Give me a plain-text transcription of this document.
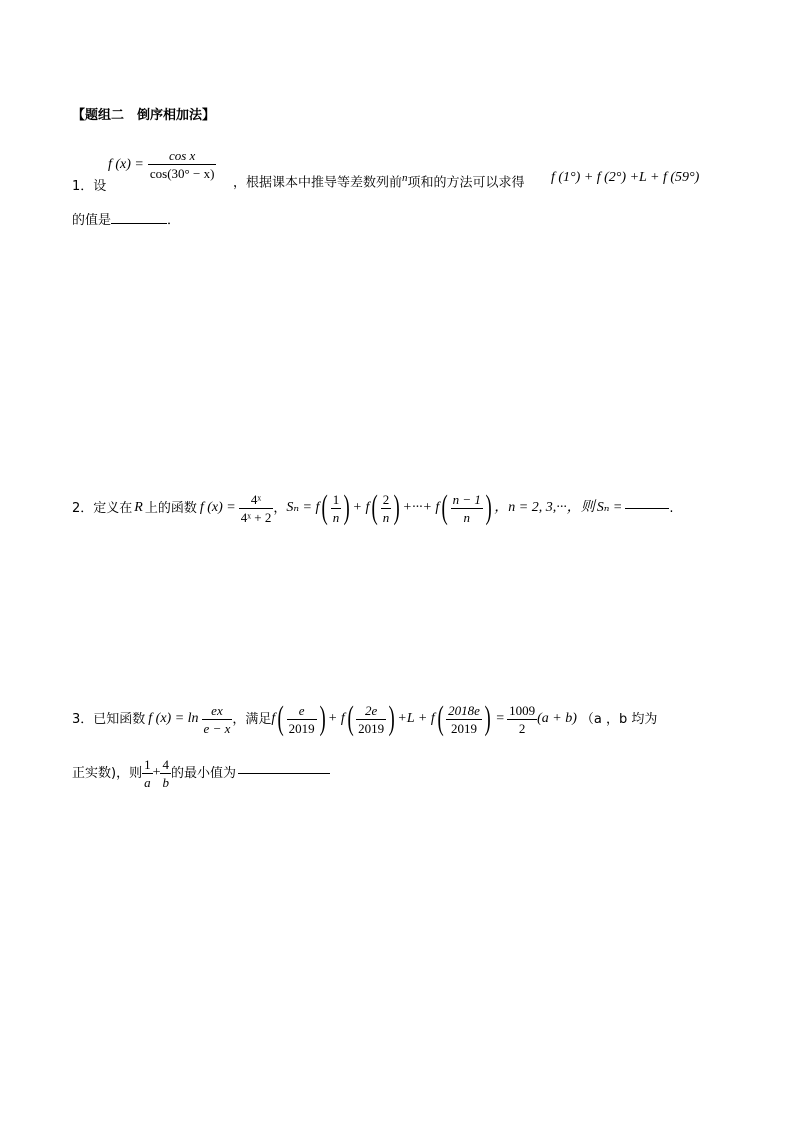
【题组二　倒序相加法】
1．设
f $(x) = \frac{\text{cos x}}{\cos(30^\circ - x)}$
，根据课本中推导等差数列前$^n$项和的方法可以求得 f (1°) + f (2°) +L + f (59°)
的值是	．
2．定义在 R 上的函数 f $(x) = \frac{\text{4ˣ}}{\text{4ˣ + 2}}$ ， Sₙ = f ( $\frac{1}{n}$ ) + f ( $\frac{2}{n}$ ) +···+ f ( $\frac{n - 1}{n}$ ) ，n = 2, 3,···，则 Sₙ =	.
3．已知函数 f $(x) = \ln \frac{ex}{e - x}$ ，满足 f ( $\frac{e}{2019}$ ) + f ( $\frac{2e}{2019}$ ) +L + f ( $\frac{2018e}{2019}$ ) = $\frac{1009}{2} (a + b)$ （a ，b 均为
正实数)，则 $\frac{1}{a} + \frac{4}{b}$ 的最小值为
